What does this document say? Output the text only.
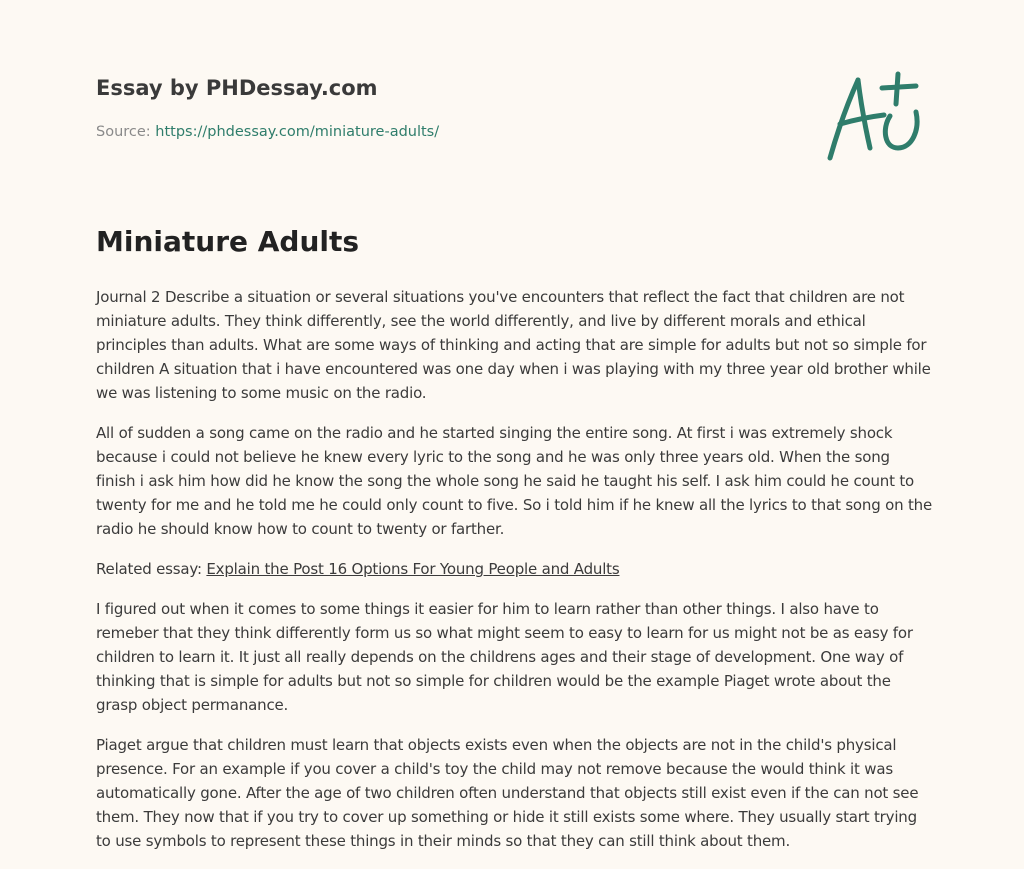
Essay by PHDessay.com
Source: https://phdessay.com/miniature-adults/
Miniature Adults

Journal 2 Describe a situation or several situations you've encounters that reflect the fact that children are not miniature adults. They think differently, see the world differently, and live by different morals and ethical principles than adults. What are some ways of thinking and acting that are simple for adults but not so simple for children A situation that i have encountered was one day when i was playing with my three year old brother while we was listening to some music on the radio.

All of sudden a song came on the radio and he started singing the entire song. At first i was extremely shock because i could not believe he knew every lyric to the song and he was only three years old. When the song finish i ask him how did he know the song the whole song he said he taught his self. I ask him could he count to twenty for me and he told me he could only count to five. So i told him if he knew all the lyrics to that song on the radio he should know how to count to twenty or farther.

Related essay: Explain the Post 16 Options For Young People and Adults

I figured out when it comes to some things it easier for him to learn rather than other things. I also have to remeber that they think differently form us so what might seem to easy to learn for us might not be as easy for children to learn it. It just all really depends on the childrens ages and their stage of development. One way of thinking that is simple for adults but not so simple for children would be the example Piaget wrote about the grasp object permanance.

Piaget argue that children must learn that objects exists even when the objects are not in the child's physical presence. For an example if you cover a child's toy the child may not remove because the would think it was automatically gone. After the age of two children often understand that objects still exist even if the can not see them. They now that if you try to cover up something or hide it still exists some where. They usually start trying to use symbols to represent these things in their minds so that they can still think about them.
